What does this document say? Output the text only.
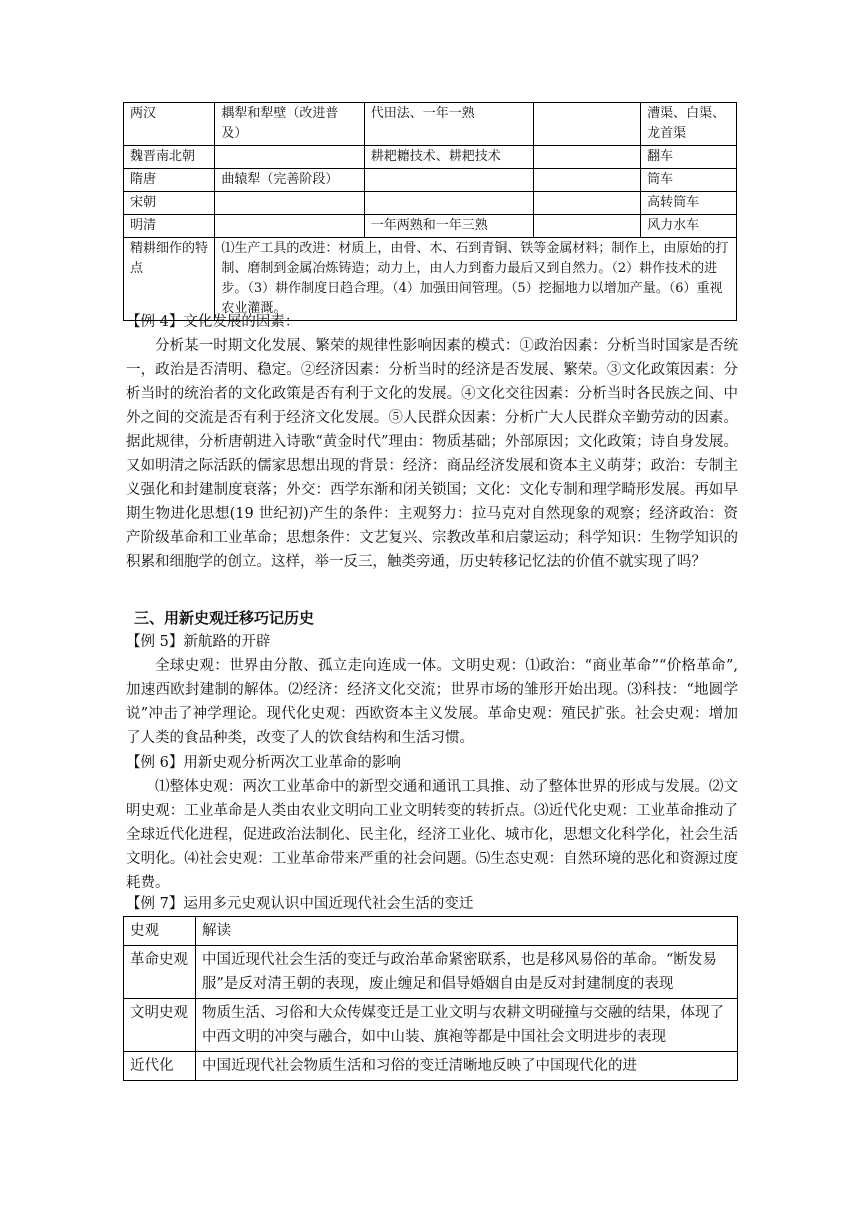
两汉	耦犁和犁壁（改进普及）	代田法、一年一熟		漕渠、白渠、龙首渠
魏晋南北朝		耕耙耱技术、耕耙技术		翻车
隋唐	曲辕犁（完善阶段）			筒车
宋朝				高转筒车
明清		一年两熟和一年三熟		风力水车
精耕细作的特点	⑴生产工具的改进：材质上，由骨、木、石到青铜、铁等金属材料；制作上，由原始的打制、磨制到金属冶炼铸造；动力上，由人力到畜力最后又到自然力。（2）耕作技术的进步。（3）耕作制度日趋合理。（4）加强田间管理。（5）挖掘地力以增加产量。（6）重视农业灌溉。			
【例 4】文化发展的因素：
分析某一时期文化发展、繁荣的规律性影响因素的模式：①政治因素：分析当时国家是否统一，政治是否清明、稳定。②经济因素：分析当时的经济是否发展、繁荣。③文化政策因素：分析当时的统治者的文化政策是否有利于文化的发展。④文化交往因素：分析当时各民族之间、中外之间的交流是否有利于经济文化发展。⑤人民群众因素：分析广大人民群众辛勤劳动的因素。据此规律，分析唐朝进入诗歌“黄金时代”理由：物质基础；外部原因；文化政策；诗自身发展。又如明清之际活跃的儒家思想出现的背景：经济：商品经济发展和资本主义萌芽；政治：专制主义强化和封建制度衰落；外交：西学东渐和闭关锁国；文化：文化专制和理学畸形发展。再如早期生物进化思想(19 世纪初)产生的条件：主观努力：拉马克对自然现象的观察；经济政治：资产阶级革命和工业革命；思想条件：文艺复兴、宗教改革和启蒙运动；科学知识：生物学知识的积累和细胞学的创立。这样，举一反三，触类旁通，历史转移记忆法的价值不就实现了吗？
三、用新史观迁移巧记历史
【例 5】新航路的开辟
全球史观：世界由分散、孤立走向连成一体。文明史观：⑴政治：“商业革命”“价格革命”,加速西欧封建制的解体。⑵经济：经济文化交流；世界市场的雏形开始出现。⑶科技：“地圆学说”冲击了神学理论。现代化史观：西欧资本主义发展。革命史观：殖民扩张。社会史观：增加了人类的食品种类，改变了人的饮食结构和生活习惯。
【例 6】用新史观分析两次工业革命的影响
⑴整体史观：两次工业革命中的新型交通和通讯工具推、动了整体世界的形成与发展。⑵文明史观：工业革命是人类由农业文明向工业文明转变的转折点。⑶近代化史观：工业革命推动了全球近代化进程，促进政治法制化、民主化，经济工业化、城市化，思想文化科学化，社会生活文明化。⑷社会史观：工业革命带来严重的社会问题。⑸生态史观：自然环境的恶化和资源过度耗费。
【例 7】运用多元史观认识中国近现代社会生活的变迁
史观	解读
革命史观	中国近现代社会生活的变迁与政治革命紧密联系，也是移风易俗的革命。“断发易服”是反对清王朝的表现，废止缠足和倡导婚姻自由是反对封建制度的表现
文明史观	物质生活、习俗和大众传媒变迁是工业文明与农耕文明碰撞与交融的结果，体现了中西文明的冲突与融合，如中山装、旗袍等都是中国社会文明进步的表现
近代化	中国近现代社会物质生活和习俗的变迁清晰地反映了中国现代化的进
